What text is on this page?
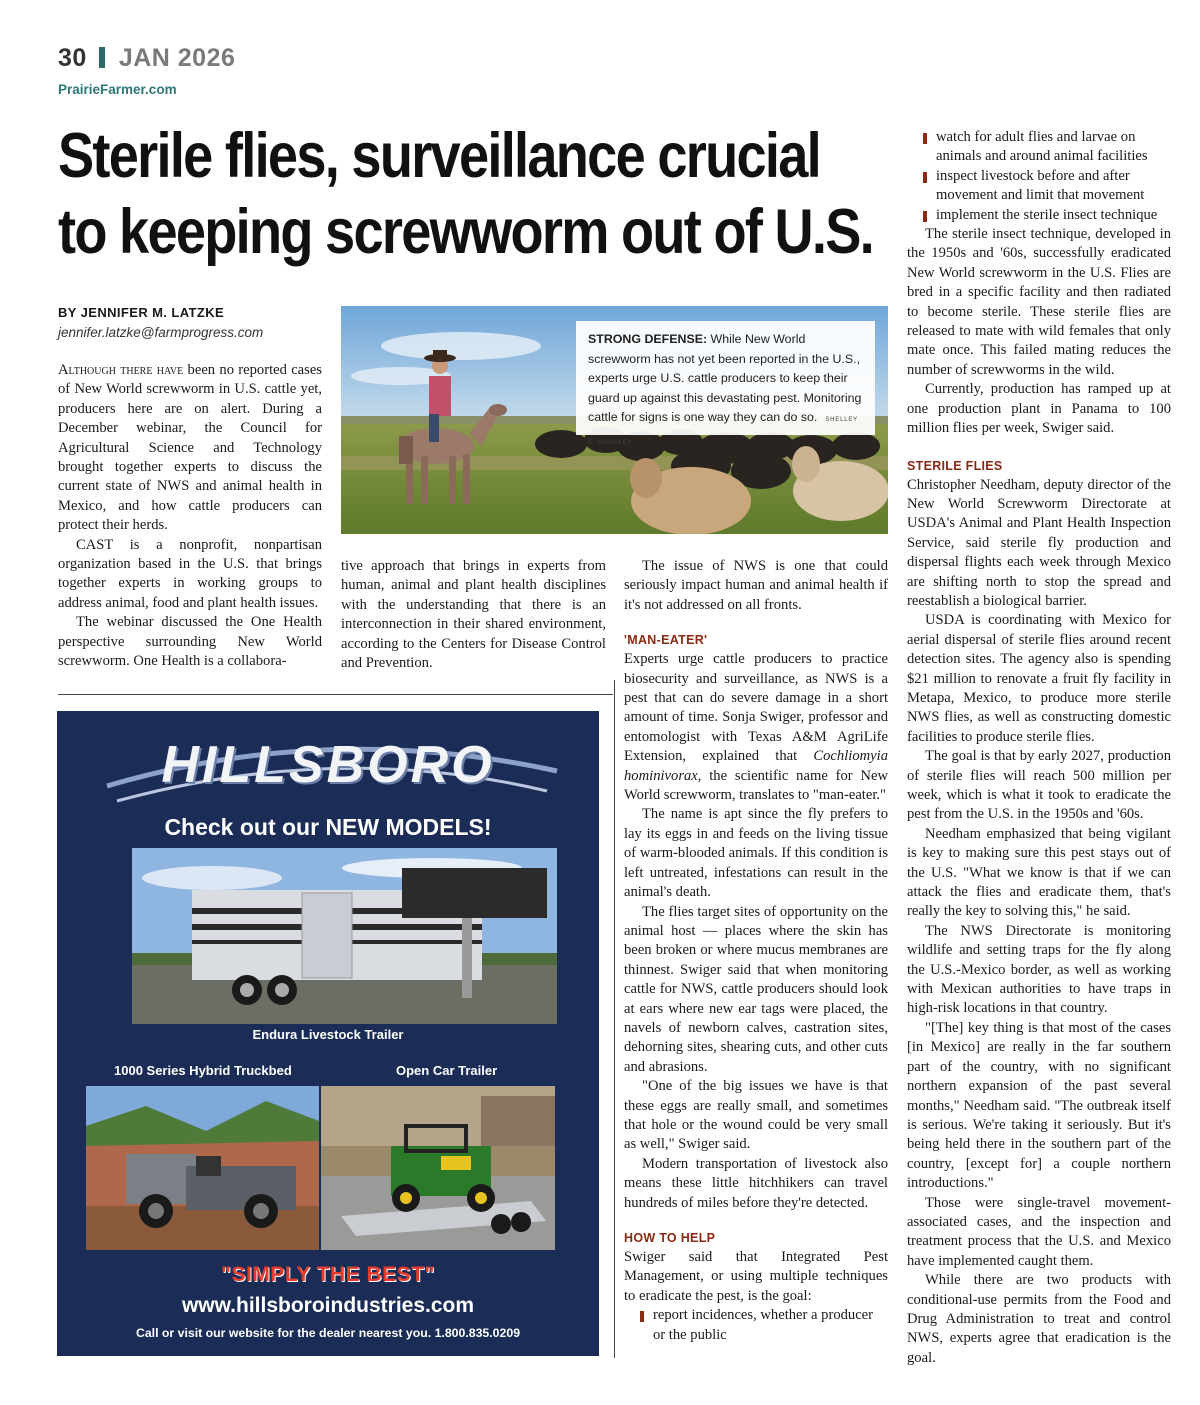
30 JAN 2026
PrairieFarmer.com
Sterile flies, surveillance crucial
to keeping screwworm out of U.S.
BY JENNIFER M. LATZKE
jennifer.latzke@farmprogress.com

Although there have been no reported cases of New World screwworm in U.S. cattle yet, producers here are on alert. During a December webinar, the Council for Agricultural Science and Technology brought together experts to discuss the current state of NWS and animal health in Mexico, and how cattle producers can protect their herds.

CAST is a nonprofit, nonpartisan organization based in the U.S. that brings together experts in working groups to address animal, food and plant health issues.

The webinar discussed the One Health perspective surrounding New World screwworm. One Health is a collabora-

STRONG DEFENSE: While New World screwworm has not yet been reported in the U.S., experts urge U.S. cattle producers to keep their guard up against this devastating pest. Monitoring cattle for signs is one way they can do so. SHELLEY E. HUGULEY

tive approach that brings in experts from human, animal and plant health disciplines with the understanding that there is an interconnection in their shared environment, according to the Centers for Disease Control and Prevention.

The issue of NWS is one that could seriously impact human and animal health if it's not addressed on all fronts.

'MAN-EATER'

Experts urge cattle producers to practice biosecurity and surveillance, as NWS is a pest that can do severe damage in a short amount of time. Sonja Swiger, professor and entomologist with Texas A&M AgriLife Extension, explained that Cochliomyia hominivorax, the scientific name for New World screwworm, translates to "man-eater."

The name is apt since the fly prefers to lay its eggs in and feeds on the living tissue of warm-blooded animals. If this condition is left untreated, infestations can result in the animal's death.

The flies target sites of opportunity on the animal host — places where the skin has been broken or where mucus membranes are thinnest. Swiger said that when monitoring cattle for NWS, cattle producers should look at ears where new ear tags were placed, the navels of newborn calves, castration sites, dehorning sites, shearing cuts, and other cuts and abrasions.

"One of the big issues we have is that these eggs are really small, and sometimes that hole or the wound could be very small as well," Swiger said.

Modern transportation of livestock also means these little hitchhikers can travel hundreds of miles before they're detected.

HOW TO HELP

Swiger said that Integrated Pest Management, or using multiple techniques to eradicate the pest, is the goal:

report incidences, whether a producer or the public
watch for adult flies and larvae on animals and around animal facilities
inspect livestock before and after movement and limit that movement
implement the sterile insect technique

The sterile insect technique, developed in the 1950s and '60s, successfully eradicated New World screwworm in the U.S. Flies are bred in a specific facility and then radiated to become sterile. These sterile flies are released to mate with wild females that only mate once. This failed mating reduces the number of screwworms in the wild.

Currently, production has ramped up at one production plant in Panama to 100 million flies per week, Swiger said.

STERILE FLIES

Christopher Needham, deputy director of the New World Screwworm Directorate at USDA's Animal and Plant Health Inspection Service, said sterile fly production and dispersal flights each week through Mexico are shifting north to stop the spread and reestablish a biological barrier.

USDA is coordinating with Mexico for aerial dispersal of sterile flies around recent detection sites. The agency also is spending $21 million to renovate a fruit fly facility in Metapa, Mexico, to produce more sterile NWS flies, as well as constructing domestic facilities to produce sterile flies.

The goal is that by early 2027, production of sterile flies will reach 500 million per week, which is what it took to eradicate the pest from the U.S. in the 1950s and '60s.

Needham emphasized that being vigilant is key to making sure this pest stays out of the U.S. "What we know is that if we can attack the flies and eradicate them, that's really the key to solving this," he said.

The NWS Directorate is monitoring wildlife and setting traps for the fly along the U.S.-Mexico border, as well as working with Mexican authorities to have traps in high-risk locations in that country.

"[The] key thing is that most of the cases [in Mexico] are really in the far southern part of the country, with no significant northern expansion of the past several months," Needham said. "The outbreak itself is serious. We're taking it seriously. But it's being held there in the southern part of the country, [except for] a couple northern introductions."

Those were single-travel movement-associated cases, and the inspection and treatment process that the U.S. and Mexico have implemented caught them.

While there are two products with conditional-use permits from the Food and Drug Administration to treat and control NWS, experts agree that eradication is the goal.

HILLSBORO
Check out our NEW MODELS!
Endura Livestock Trailer
1000 Series Hybrid Truckbed	Open Car Trailer
"SIMPLY THE BEST"
www.hillsboroindustries.com
Call or visit our website for the dealer nearest you. 1.800.835.0209
